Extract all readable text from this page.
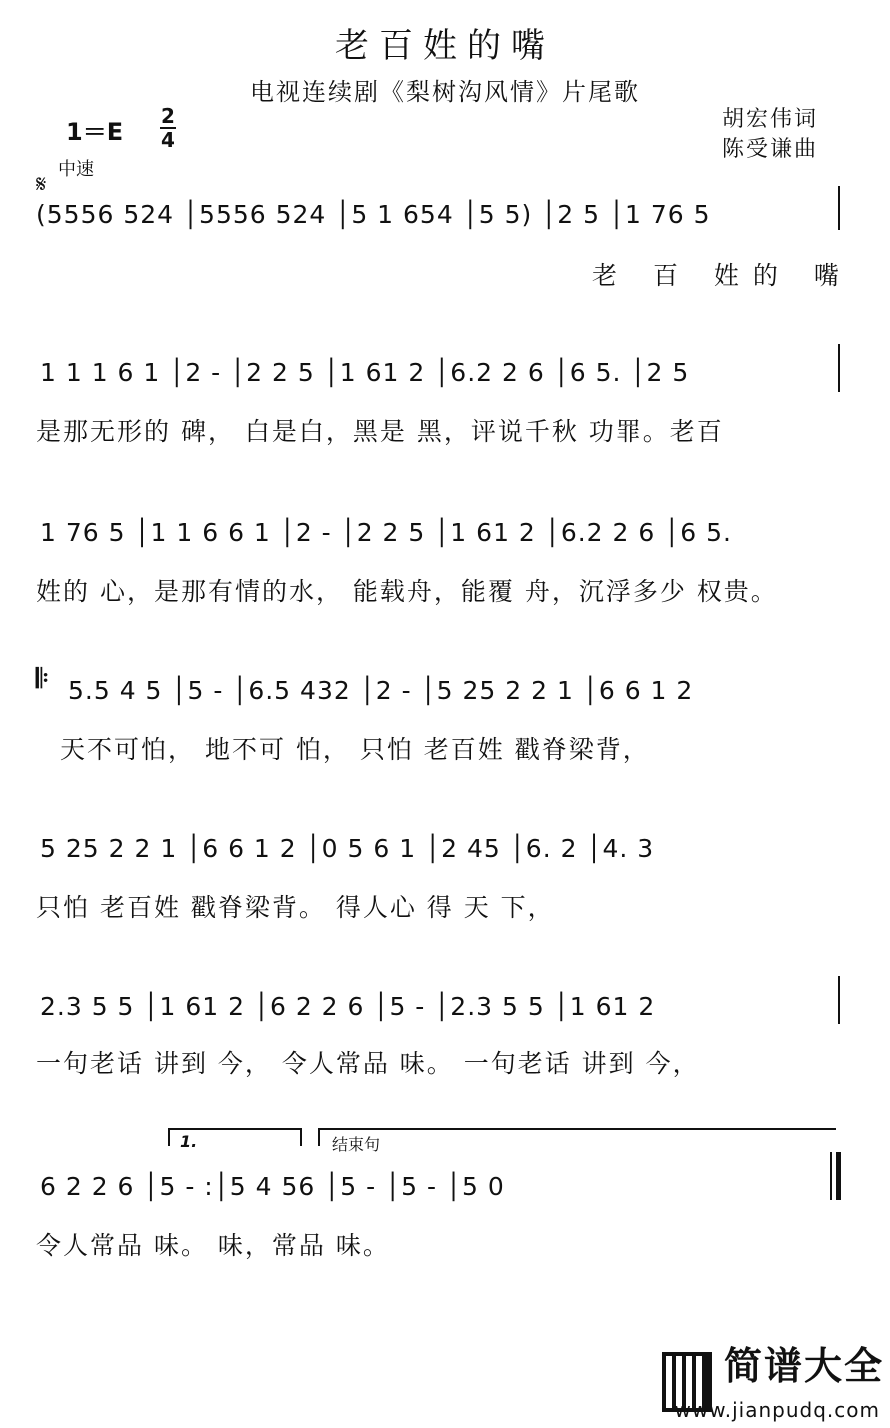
老百姓的嘴
电视连续剧《梨树沟风情》片尾歌
胡宏伟词
陈受谦曲
1＝E
2
4
𝄋
中速
(5556 524 │5556 524 │5 1 654 │5 5) │2 5 │1 76 5
老 百 姓的 嘴
1 1 1 6 1 │2 - │2 2 5 │1 61 2 │6.2 2 6 │6 5. │2 5
是那无形的 碑， 白是白，黑是 黑，评说千秋 功罪。老百
1 76 5 │1 1 6 6 1 │2 - │2 2 5 │1 61 2 │6.2 2 6 │6 5.
姓的 心，是那有情的水， 能载舟，能覆 舟，沉浮多少 权贵。
𝄆 5.5 4 5 │5 - │6.5 432 │2 - │5 25 2 2 1 │6 6 1 2
天不可怕， 地不可 怕， 只怕 老百姓 戳脊梁背，
5 25 2 2 1 │6 6 1 2 │0 5 6 1 │2 45 │6. 2 │4. 3
只怕 老百姓 戳脊梁背。 得人心 得 天 下，
2.3 5 5 │1 61 2 │6 2 2 6 │5 - │2.3 5 5 │1 61 2
一句老话 讲到 今， 令人常品 味。 一句老话 讲到 今，
1.	结束句
6 2 2 6 │5 - :│5 4 56 │5 - │5 - │5 0
令人常品 味。 味，常品 味。
简谱大全
www.jianpudq.com
